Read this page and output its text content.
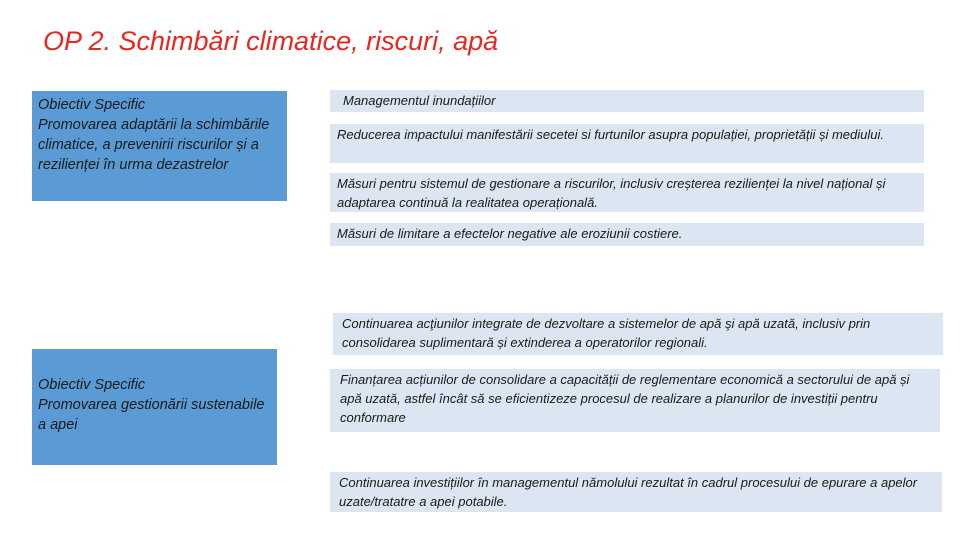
OP 2. Schimbări climatice, riscuri, apă
Obiectiv Specific
Promovarea adaptării la schimbările climatice, a prevenirii riscurilor și a rezilienței în urma dezastrelor
Obiectiv Specific
Promovarea gestionării sustenabile a apei
Managementul inundațiilor
Reducerea impactului manifestării secetei si furtunilor asupra populației, proprietății și mediului.
Măsuri pentru sistemul de gestionare a riscurilor, inclusiv creșterea rezilienței la nivel național și adaptarea continuă la realitatea operațională.
Măsuri de limitare a efectelor negative ale eroziunii costiere.
Continuarea acţiunilor integrate de dezvoltare a sistemelor de apă şi apă uzată, inclusiv prin consolidarea suplimentară și extinderea a operatorilor regionali.
Finanțarea acțiunilor de consolidare a capacității de reglementare economică a sectorului de apă și apă uzată, astfel încât să se eficientizeze procesul de realizare a planurilor de investiții pentru conformare
Continuarea investițiilor în managementul nămolului rezultat în cadrul procesului de epurare a apelor uzate/tratatre a apei potabile.
